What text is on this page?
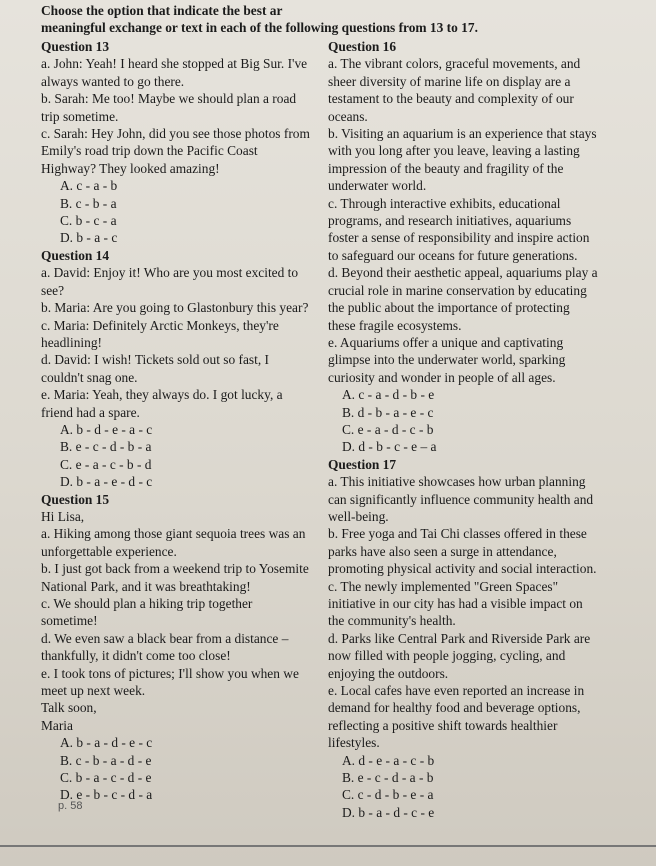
Choose the option that indicate the best ar
meaningful exchange or text in each of the following questions from 13 to 17.
Question 13
a. John: Yeah! I heard she stopped at Big Sur. I've
always wanted to go there.
b. Sarah: Me too! Maybe we should plan a road
trip sometime.
c. Sarah: Hey John, did you see those photos from
Emily's road trip down the Pacific Coast
Highway? They looked amazing!
A. c - a - b
B. c - b - a
C. b - c - a
D. b - a - c
Question 14
a. David: Enjoy it! Who are you most excited to
see?
b. Maria: Are you going to Glastonbury this year?
c. Maria: Definitely Arctic Monkeys, they're
headlining!
d. David: I wish! Tickets sold out so fast, I
couldn't snag one.
e. Maria: Yeah, they always do. I got lucky, a
friend had a spare.
A. b - d - e - a - c
B. e - c - d - b - a
C. e - a - c - b - d
D. b - a - e - d - c
Question 15
Hi Lisa,
a. Hiking among those giant sequoia trees was an
unforgettable experience.
b. I just got back from a weekend trip to Yosemite
National Park, and it was breathtaking!
c. We should plan a hiking trip together
sometime!
d. We even saw a black bear from a distance –
thankfully, it didn't come too close!
e. I took tons of pictures; I'll show you when we
meet up next week.
Talk soon,
Maria
A. b - a - d - e - c
B. c - b - a - d - e
C. b - a - c - d - e
D. e - b - c - d - a
Question 16
a. The vibrant colors, graceful movements, and
sheer diversity of marine life on display are a
testament to the beauty and complexity of our
oceans.
b. Visiting an aquarium is an experience that stays
with you long after you leave, leaving a lasting
impression of the beauty and fragility of the
underwater world.
c. Through interactive exhibits, educational
programs, and research initiatives, aquariums
foster a sense of responsibility and inspire action
to safeguard our oceans for future generations.
d. Beyond their aesthetic appeal, aquariums play a
crucial role in marine conservation by educating
the public about the importance of protecting
these fragile ecosystems.
e. Aquariums offer a unique and captivating
glimpse into the underwater world, sparking
curiosity and wonder in people of all ages.
A. c - a - d - b - e
B. d - b - a - e - c
C. e - a - d - c - b
D. d - b - c - e – a
Question 17
a. This initiative showcases how urban planning
can significantly influence community health and
well-being.
b. Free yoga and Tai Chi classes offered in these
parks have also seen a surge in attendance,
promoting physical activity and social interaction.
c. The newly implemented "Green Spaces"
initiative in our city has had a visible impact on
the community's health.
d. Parks like Central Park and Riverside Park are
now filled with people jogging, cycling, and
enjoying the outdoors.
e. Local cafes have even reported an increase in
demand for healthy food and beverage options,
reflecting a positive shift towards healthier
lifestyles.
A. d - e - a - c - b
B. e - c - d - a - b
C. c - d - b - e - a
D. b - a - d - c - e
p. 58
